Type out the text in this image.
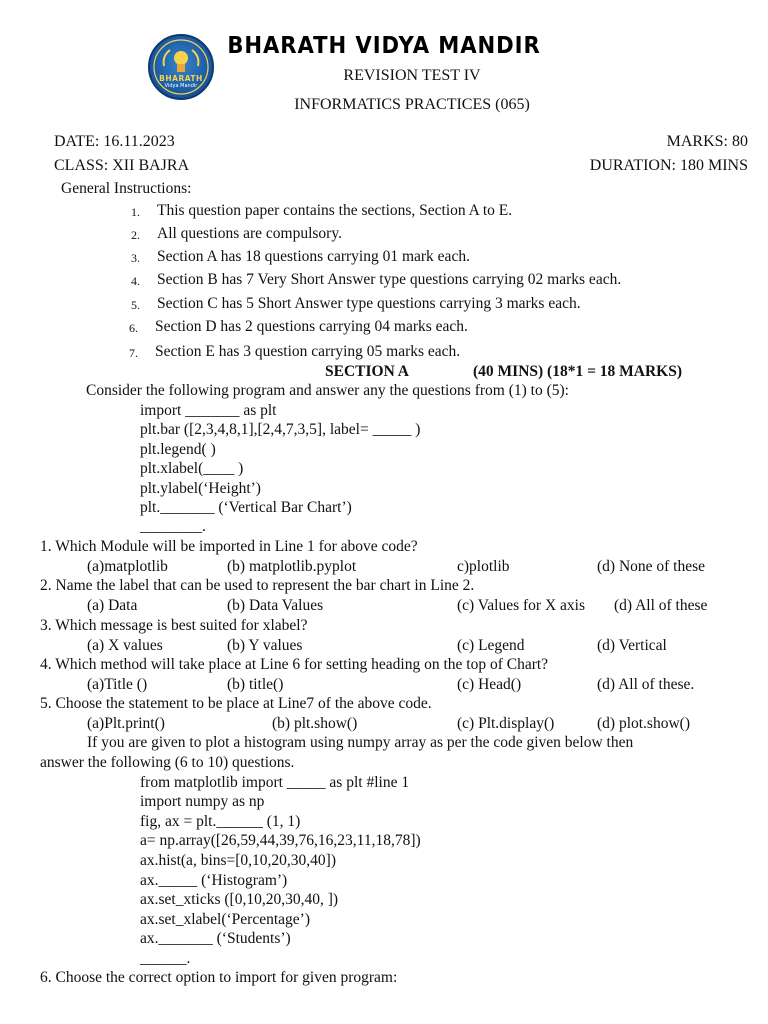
BHARATH
Vidya Mandir
BHARATH VIDYA MANDIR
REVISION TEST IV
INFORMATICS PRACTICES (065)
DATE: 16.11.2023	MARKS: 80
CLASS: XII BAJRA	DURATION: 180 MINS
General Instructions:
1. This question paper contains the sections, Section A to E.
2. All questions are compulsory.
3. Section A has 18 questions carrying 01 mark each.
4. Section B has 7 Very Short Answer type questions carrying 02 marks each.
5. Section C has 5 Short Answer type questions carrying 3 marks each.
6. Section D has 2 questions carrying 04 marks each.
7. Section E has 3 question carrying 05 marks each.
SECTION A	(40 MINS) (18*1 = 18 MARKS)
Consider the following program and answer any the questions from (1) to (5):
import _______ as plt
plt.bar ([2,3,4,8,1],[2,4,7,3,5], label= _____ )
plt.legend( )
plt.xlabel(____ )
plt.ylabel(‘Height’)
plt._______ (‘Vertical Bar Chart’)
________.
1. Which Module will be imported in Line 1 for above code?
(a)matplotlib	(b) matplotlib.pyplot	c)plotlib	(d) None of these
2. Name the label that can be used to represent the bar chart in Line 2.
(a) Data	(b) Data Values	(c) Values for X axis (d) All of these
3. Which message is best suited for xlabel?
(a) X values	(b) Y values	(c) Legend	(d) Vertical
4. Which method will take place at Line 6 for setting heading on the top of Chart?
(a)Title ()	(b) title()	(c) Head()	(d) All of these.
5. Choose the statement to be place at Line7 of the above code.
(a)Plt.print()	(b) plt.show()	(c) Plt.display()	(d) plot.show()
If you are given to plot a histogram using numpy array as per the code given below then
answer the following (6 to 10) questions.
from matplotlib import _____ as plt #line 1
import numpy as np
fig, ax = plt.______ (1, 1)
a= np.array([26,59,44,39,76,16,23,11,18,78])
ax.hist(a, bins=[0,10,20,30,40])
ax._____ (‘Histogram’)
ax.set_xticks ([0,10,20,30,40, ])
ax.set_xlabel(‘Percentage’)
ax._______ (‘Students’)
______.
6. Choose the correct option to import for given program:
